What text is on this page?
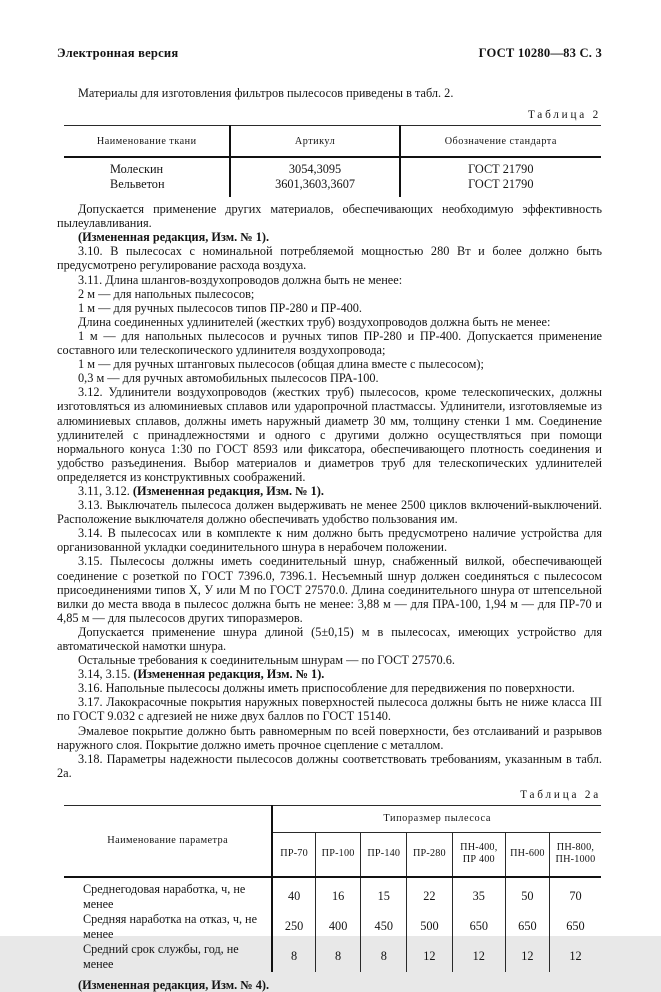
Электронная версия	ГОСТ 10280—83 С. 3

Материалы для изготовления фильтров пылесосов приведены в табл. 2.

Таблица 2
Наименование ткани	Артикул	Обозначение стандарта
Молескин	3054,3095	ГОСТ 21790
Вельветон	3601,3603,3607	ГОСТ 21790

Допускается применение других материалов, обеспечивающих необходимую эффективность пылеулавливания.

(Измененная редакция, Изм. № 1).

3.10. В пылесосах с номинальной потребляемой мощностью 280 Вт и более должно быть предусмотрено регулирование расхода воздуха.

3.11. Длина шлангов-воздухопроводов должна быть не менее:

2 м — для напольных пылесосов;

1 м — для ручных пылесосов типов ПР-280 и ПР-400.

Длина соединенных удлинителей (жестких труб) воздухопроводов должна быть не менее:

1 м — для напольных пылесосов и ручных типов ПР-280 и ПР-400. Допускается применение составного или телескопического удлинителя воздухопровода;

1 м — для ручных штанговых пылесосов (общая длина вместе с пылесосом);

0,3 м — для ручных автомобильных пылесосов ПРА-100.

3.12. Удлинители воздухопроводов (жестких труб) пылесосов, кроме телескопических, должны изготовляться из алюминиевых сплавов или ударопрочной пластмассы. Удлинители, изготовляемые из алюминиевых сплавов, должны иметь наружный диаметр 30 мм, толщину стенки 1 мм. Соединение удлинителей с принадлежностями и одного с другими должно осуществляться при помощи нормального конуса 1:30 по ГОСТ 8593 или фиксатора, обеспечивающего плотность соединения и удобство разъединения. Выбор материалов и диаметров труб для телескопических удлинителей определяется из конструктивных соображений.

3.11, 3.12. (Измененная редакция, Изм. № 1).

3.13. Выключатель пылесоса должен выдерживать не менее 2500 циклов включений-выключений. Расположение выключателя должно обеспечивать удобство пользования им.

3.14. В пылесосах или в комплекте к ним должно быть предусмотрено наличие устройства для организованной укладки соединительного шнура в нерабочем положении.

3.15. Пылесосы должны иметь соединительный шнур, снабженный вилкой, обеспечивающей соединение с розеткой по ГОСТ 7396.0, 7396.1. Несъемный шнур должен соединяться с пылесосом присоединениями типов Х, У или М по ГОСТ 27570.0. Длина соединительного шнура от штепсельной вилки до места ввода в пылесос должна быть не менее: 3,88 м — для ПРА-100, 1,94 м — для ПР-70 и 4,85 м — для пылесосов других типоразмеров.

Допускается применение шнура длиной (5±0,15) м в пылесосах, имеющих устройство для автоматической намотки шнура.

Остальные требования к соединительным шнурам — по ГОСТ 27570.6.

3.14, 3.15. (Измененная редакция, Изм. № 1).

3.16. Напольные пылесосы должны иметь приспособление для передвижения по поверхности.

3.17. Лакокрасочные покрытия наружных поверхностей пылесоса должны быть не ниже класса III по ГОСТ 9.032 с адгезией не ниже двух баллов по ГОСТ 15140.

Эмалевое покрытие должно быть равномерным по всей поверхности, без отслаиваний и разрывов наружного слоя. Покрытие должно иметь прочное сцепление с металлом.

3.18. Параметры надежности пылесосов должны соответствовать требованиям, указанным в табл. 2а.

Таблица 2а
Наименование параметра	Типоразмер пылесоса						
	ПР-70	ПР-100	ПР-140	ПР-280	ПН-400, ПР 400	ПН-600	ПН-800, ПН-1000
Среднегодовая наработка, ч, не менее	40	16	15	22	35	50	70
Средняя наработка на отказ, ч, не менее	250	400	450	500	650	650	650
Средний срок службы, год, не менее	8	8	8	12	12	12	12

(Измененная редакция, Изм. № 4).
